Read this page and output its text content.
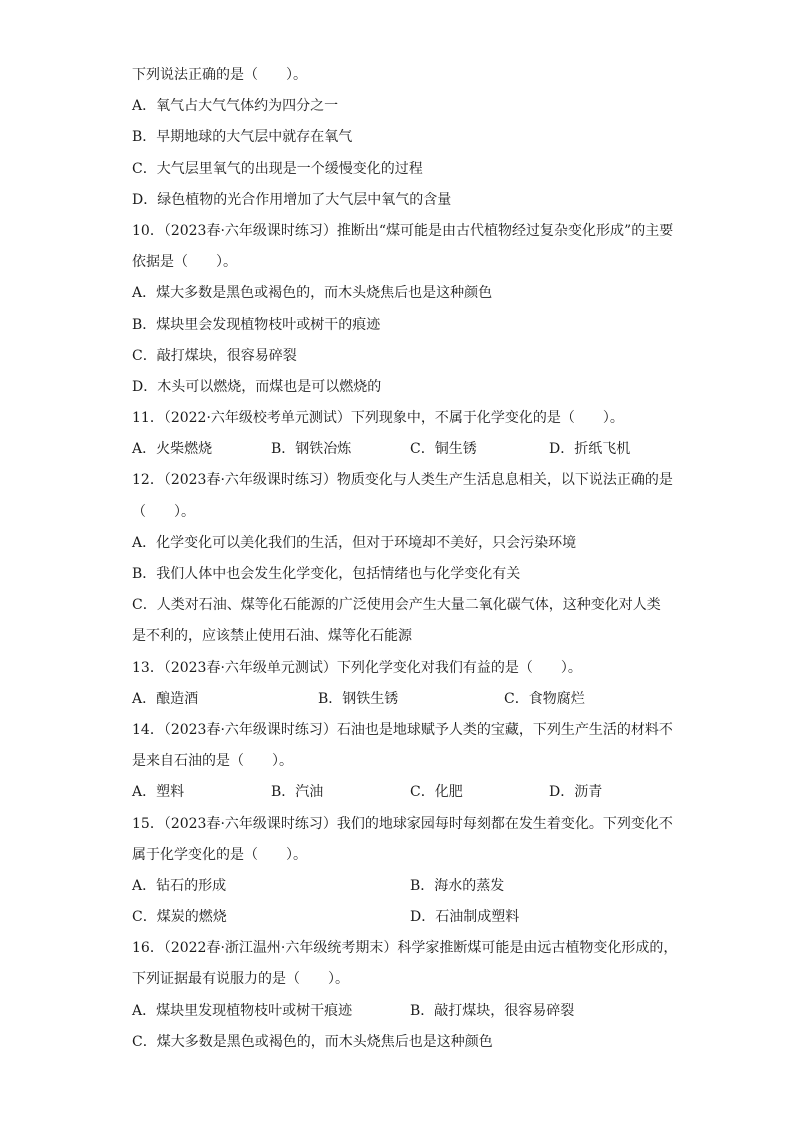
下列说法正确的是（　　）。
A．氧气占大气气体约为四分之一
B．早期地球的大气层中就存在氧气
C．大气层里氧气的出现是一个缓慢变化的过程
D．绿色植物的光合作用增加了大气层中氧气的含量
10．（2023春·六年级课时练习）推断出“煤可能是由古代植物经过复杂变化形成”的主要
依据是（　　）。
A．煤大多数是黑色或褐色的，而木头烧焦后也是这种颜色
B．煤块里会发现植物枝叶或树干的痕迹
C．敲打煤块，很容易碎裂
D．木头可以燃烧，而煤也是可以燃烧的
11．（2022·六年级校考单元测试）下列现象中，不属于化学变化的是（　　）。
A．火柴燃烧	B．钢铁冶炼	C．铜生锈	D．折纸飞机
12．（2023春·六年级课时练习）物质变化与人类生产生活息息相关，以下说法正确的是
（　　）。
A．化学变化可以美化我们的生活，但对于环境却不美好，只会污染环境
B．我们人体中也会发生化学变化，包括情绪也与化学变化有关
C．人类对石油、煤等化石能源的广泛使用会产生大量二氧化碳气体，这种变化对人类
是不利的，应该禁止使用石油、煤等化石能源
13．（2023春·六年级单元测试）下列化学变化对我们有益的是（　　）。
A．酿造酒	B．钢铁生锈	C．食物腐烂
14．（2023春·六年级课时练习）石油也是地球赋予人类的宝藏，下列生产生活的材料不
是来自石油的是（　　）。
A．塑料	B．汽油	C．化肥	D．沥青
15．（2023春·六年级课时练习）我们的地球家园每时每刻都在发生着变化。下列变化不
属于化学变化的是（　　）。
A．钻石的形成	B．海水的蒸发
C．煤炭的燃烧	D．石油制成塑料
16．（2022春·浙江温州·六年级统考期末）科学家推断煤可能是由远古植物变化形成的，
下列证据最有说服力的是（　　）。
A．煤块里发现植物枝叶或树干痕迹	B．敲打煤块，很容易碎裂
C．煤大多数是黑色或褐色的，而木头烧焦后也是这种颜色
